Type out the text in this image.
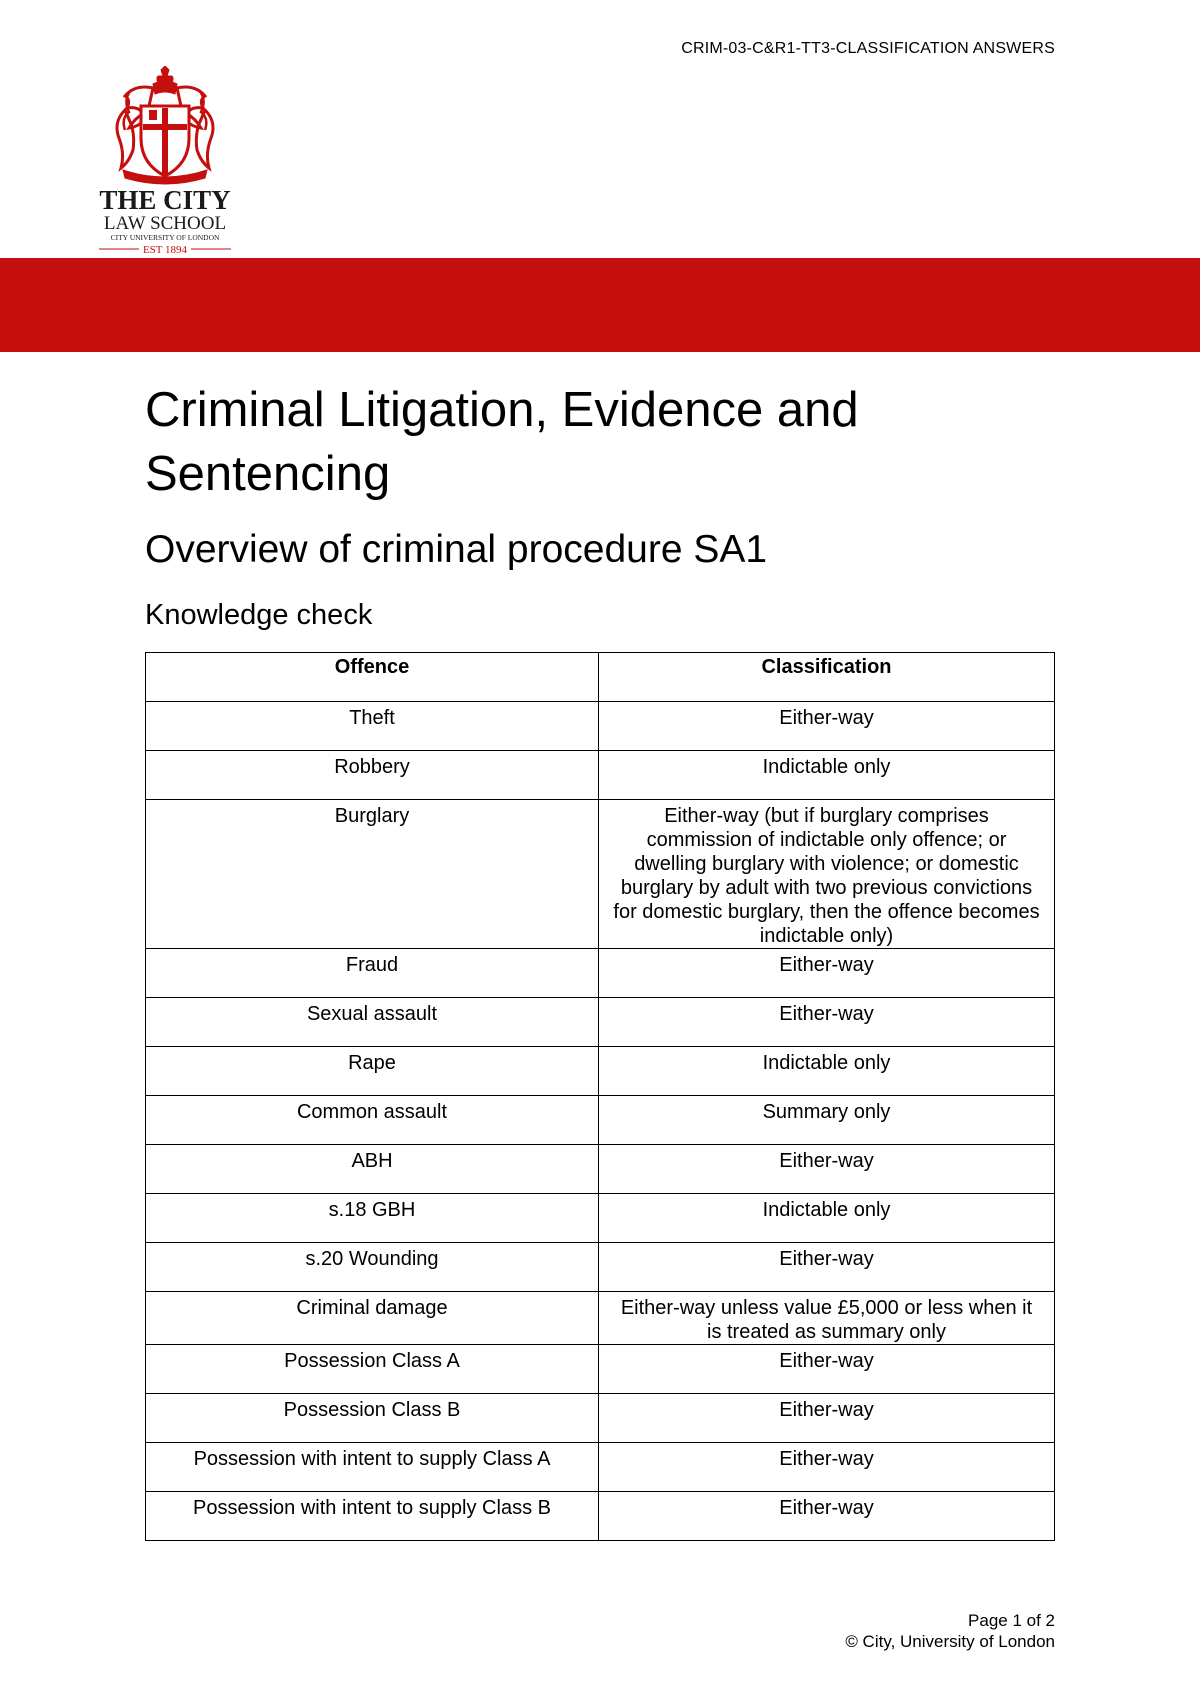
CRIM-03-C&R1-TT3-CLASSIFICATION ANSWERS
THE CITY
LAW SCHOOL
CITY UNIVERSITY OF LONDON
EST 1894
Criminal Litigation, Evidence and Sentencing
Overview of criminal procedure SA1
Knowledge check
Offence	Classification
Theft	Either-way
Robbery	Indictable only
Burglary	Either-way (but if burglary comprises commission of indictable only offence; or dwelling burglary with violence; or domestic burglary by adult with two previous convictions for domestic burglary, then the offence becomes indictable only)
Fraud	Either-way
Sexual assault	Either-way
Rape	Indictable only
Common assault	Summary only
ABH	Either-way
s.18 GBH	Indictable only
s.20 Wounding	Either-way
Criminal damage	Either-way unless value £5,000 or less when it is treated as summary only
Possession Class A	Either-way
Possession Class B	Either-way
Possession with intent to supply Class A	Either-way
Possession with intent to supply Class B	Either-way
Page 1 of 2
© City, University of London
